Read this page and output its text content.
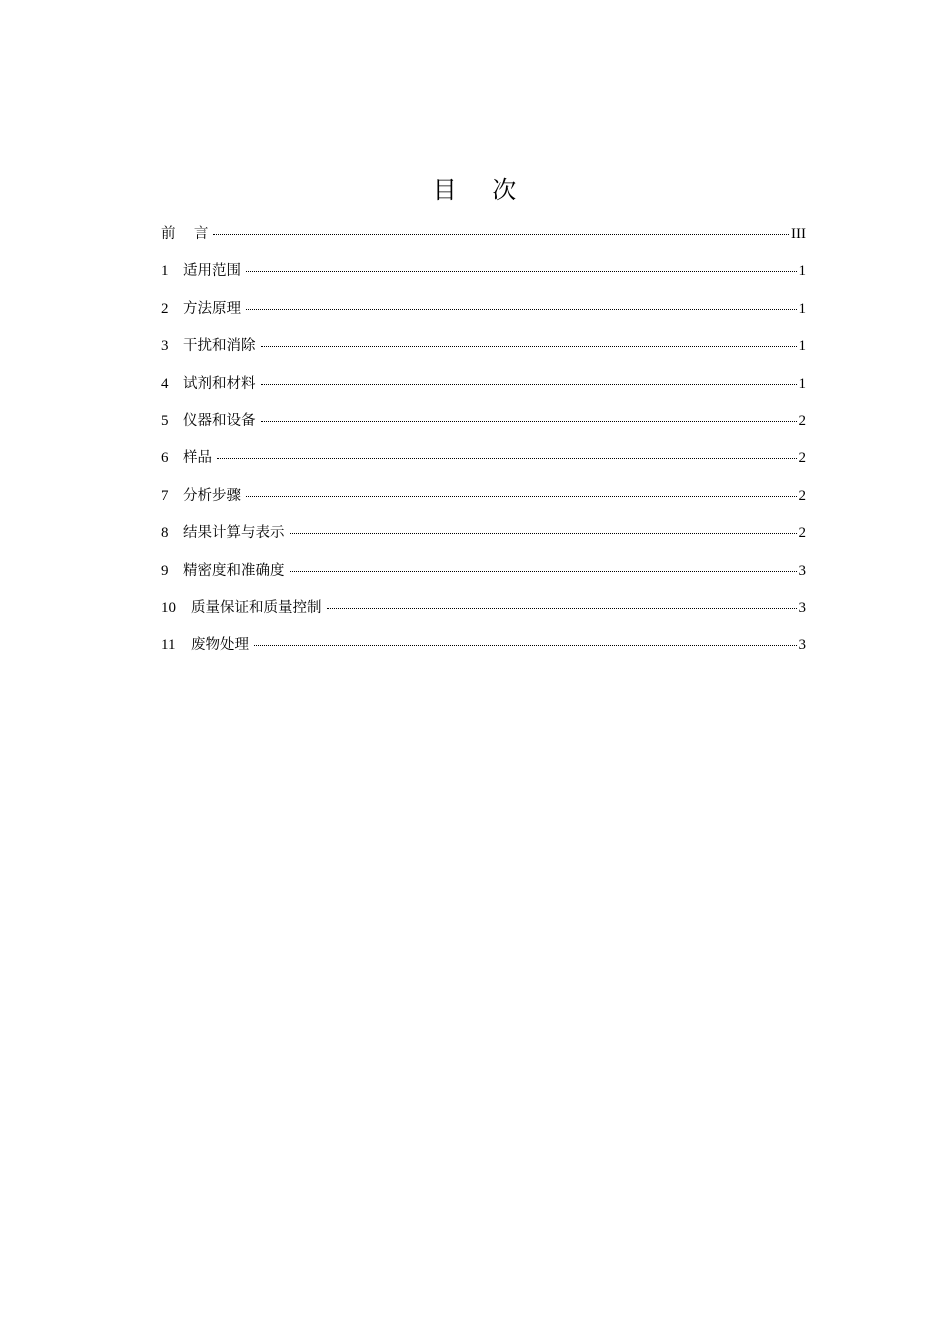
目    次
前    言	III
1	适用范围	1
2	方法原理	1
3	干扰和消除	1
4	试剂和材料	1
5	仪器和设备	2
6	样品	2
7	分析步骤	2
8	结果计算与表示	2
9	精密度和准确度	3
10	质量保证和质量控制	3
11	废物处理	3
